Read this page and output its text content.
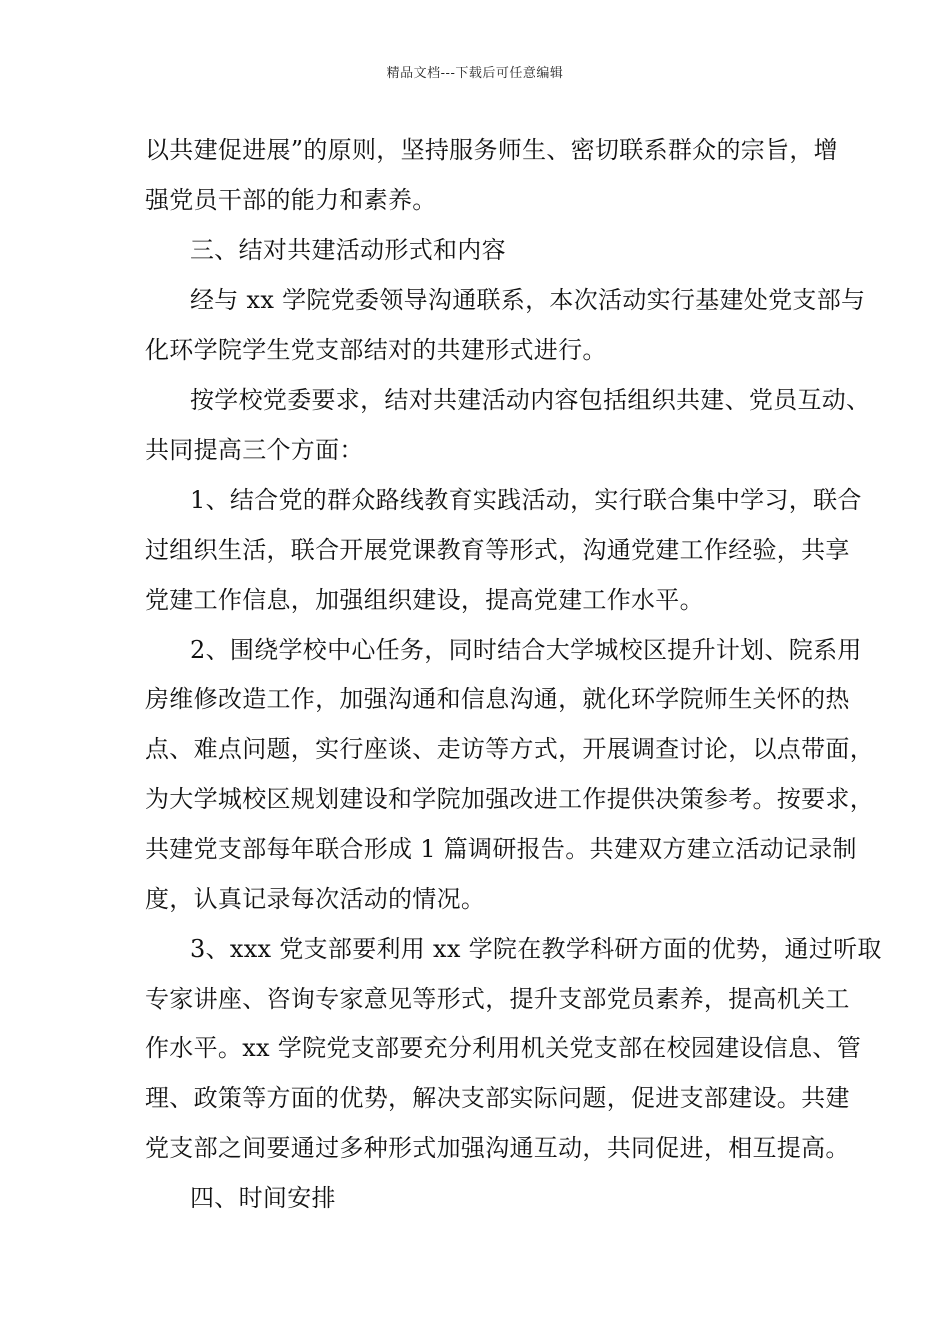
精品文档---下载后可任意编辑
以共建促进展”的原则，坚持服务师生、密切联系群众的宗旨，增
强党员干部的能力和素养。
三、结对共建活动形式和内容
经与 xx 学院党委领导沟通联系，本次活动实行基建处党支部与
化环学院学生党支部结对的共建形式进行。
按学校党委要求，结对共建活动内容包括组织共建、党员互动、
共同提高三个方面：
1、结合党的群众路线教育实践活动，实行联合集中学习，联合
过组织生活，联合开展党课教育等形式，沟通党建工作经验，共享
党建工作信息，加强组织建设，提高党建工作水平。
2、围绕学校中心任务，同时结合大学城校区提升计划、院系用
房维修改造工作，加强沟通和信息沟通，就化环学院师生关怀的热
点、难点问题，实行座谈、走访等方式，开展调查讨论，以点带面，
为大学城校区规划建设和学院加强改进工作提供决策参考。按要求，
共建党支部每年联合形成 1 篇调研报告。共建双方建立活动记录制
度，认真记录每次活动的情况。
3、xxx 党支部要利用 xx 学院在教学科研方面的优势，通过听取
专家讲座、咨询专家意见等形式，提升支部党员素养，提高机关工
作水平。xx 学院党支部要充分利用机关党支部在校园建设信息、管
理、政策等方面的优势，解决支部实际问题，促进支部建设。共建
党支部之间要通过多种形式加强沟通互动，共同促进，相互提高。
四、时间安排
